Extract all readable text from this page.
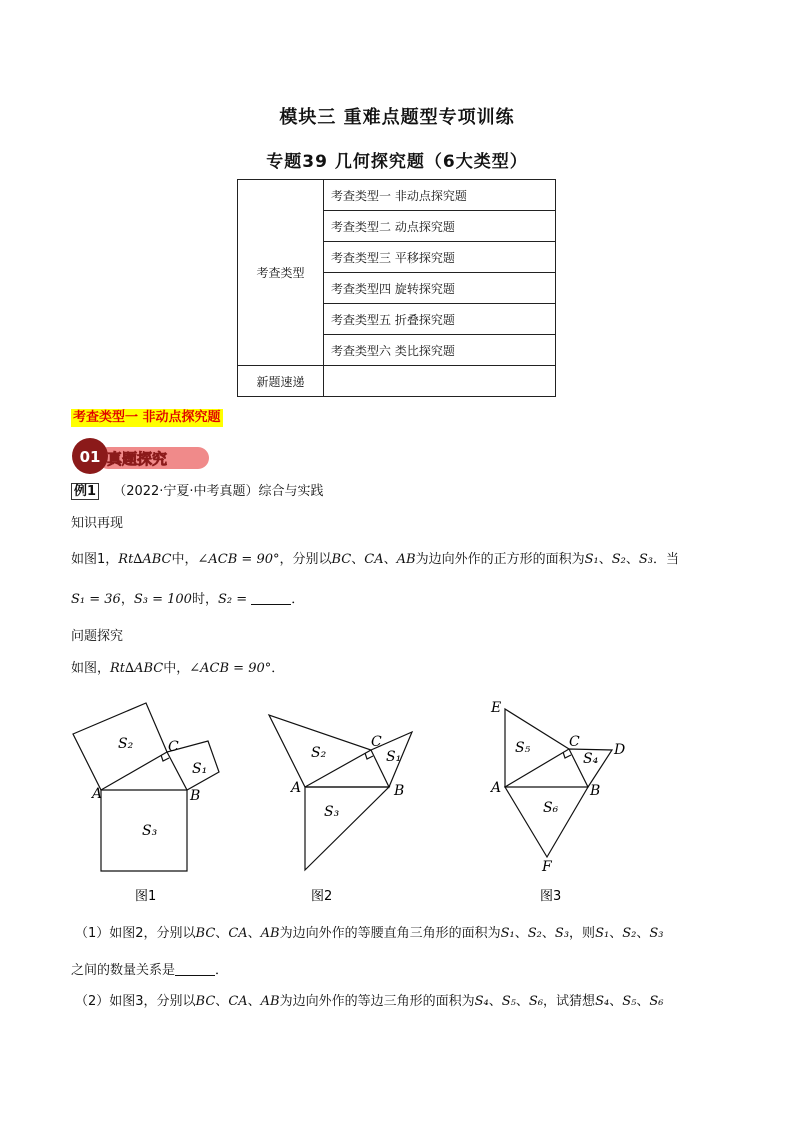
模块三 重难点题型专项训练
专题39 几何探究题（6大类型）
考查类型	考查类型一 非动点探究题
	考查类型二 动点探究题
	考查类型三 平移探究题
	考查类型四 旋转探究题
	考查类型五 折叠探究题
	考查类型六 类比探究题
新题速递	
考查类型一 非动点探究题
01 真题探究
例1 （2022·宁夏·中考真题）综合与实践
知识再现
如图1，Rt∆ABC中，∠ACB = 90°，分别以BC、CA、AB为边向外作的正方形的面积为S₁、S₂、S₃．当
S₁ = 36，S₃ = 100时，S₂ =	．
问题探究
如图，Rt∆ABC中，∠ACB = 90°．
A	B
C
S₂
S₁
S₃
图1
A	B
C
S₂	S₁
S₃
图2
E
A	B
C D
F
S₅
S₄
S₆
图3
（1）如图2，分别以BC、CA、AB为边向外作的等腰直角三角形的面积为S₁、S₂、S₃，则S₁、S₂、S₃
之间的数量关系是	．
（2）如图3，分别以BC、CA、AB为边向外作的等边三角形的面积为S₄、S₅、S₆，试猜想S₄、S₅、S₆
